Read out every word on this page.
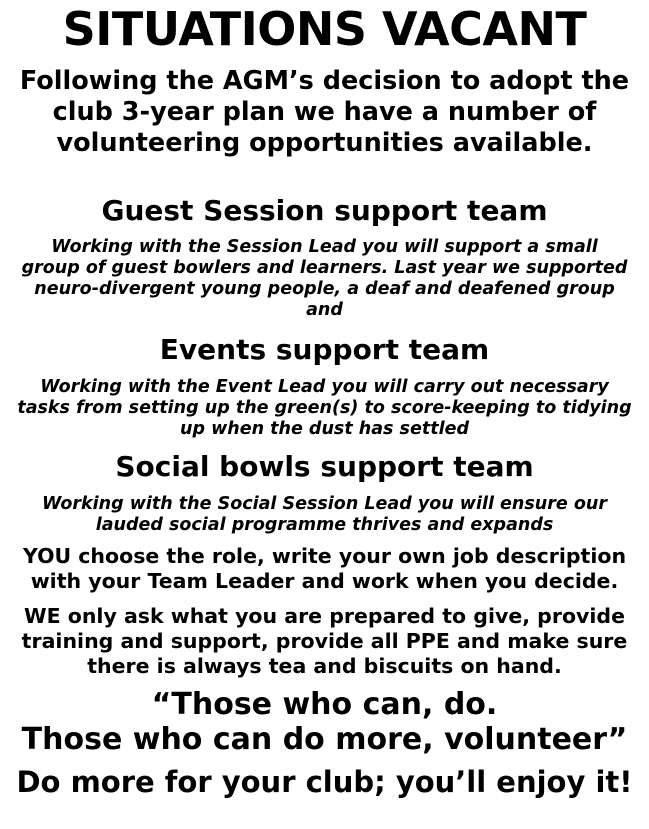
SITUATIONS VACANT

Following the AGM’s decision to adopt the
club 3-year plan we have a number of
volunteering opportunities available.

Guest Session support team

Working with the Session Lead you will support a small
group of guest bowlers and learners. Last year we supported
neuro-divergent young people, a deaf and deafened group
and

Events support team

Working with the Event Lead you will carry out necessary
tasks from setting up the green(s) to score-keeping to tidying
up when the dust has settled

Social bowls support team

Working with the Social Session Lead you will ensure our
lauded social programme thrives and expands

YOU choose the role, write your own job description
with your Team Leader and work when you decide.

WE only ask what you are prepared to give, provide
training and support, provide all PPE and make sure
there is always tea and biscuits on hand.

“Those who can, do.
Those who can do more, volunteer”

Do more for your club; you’ll enjoy it!
